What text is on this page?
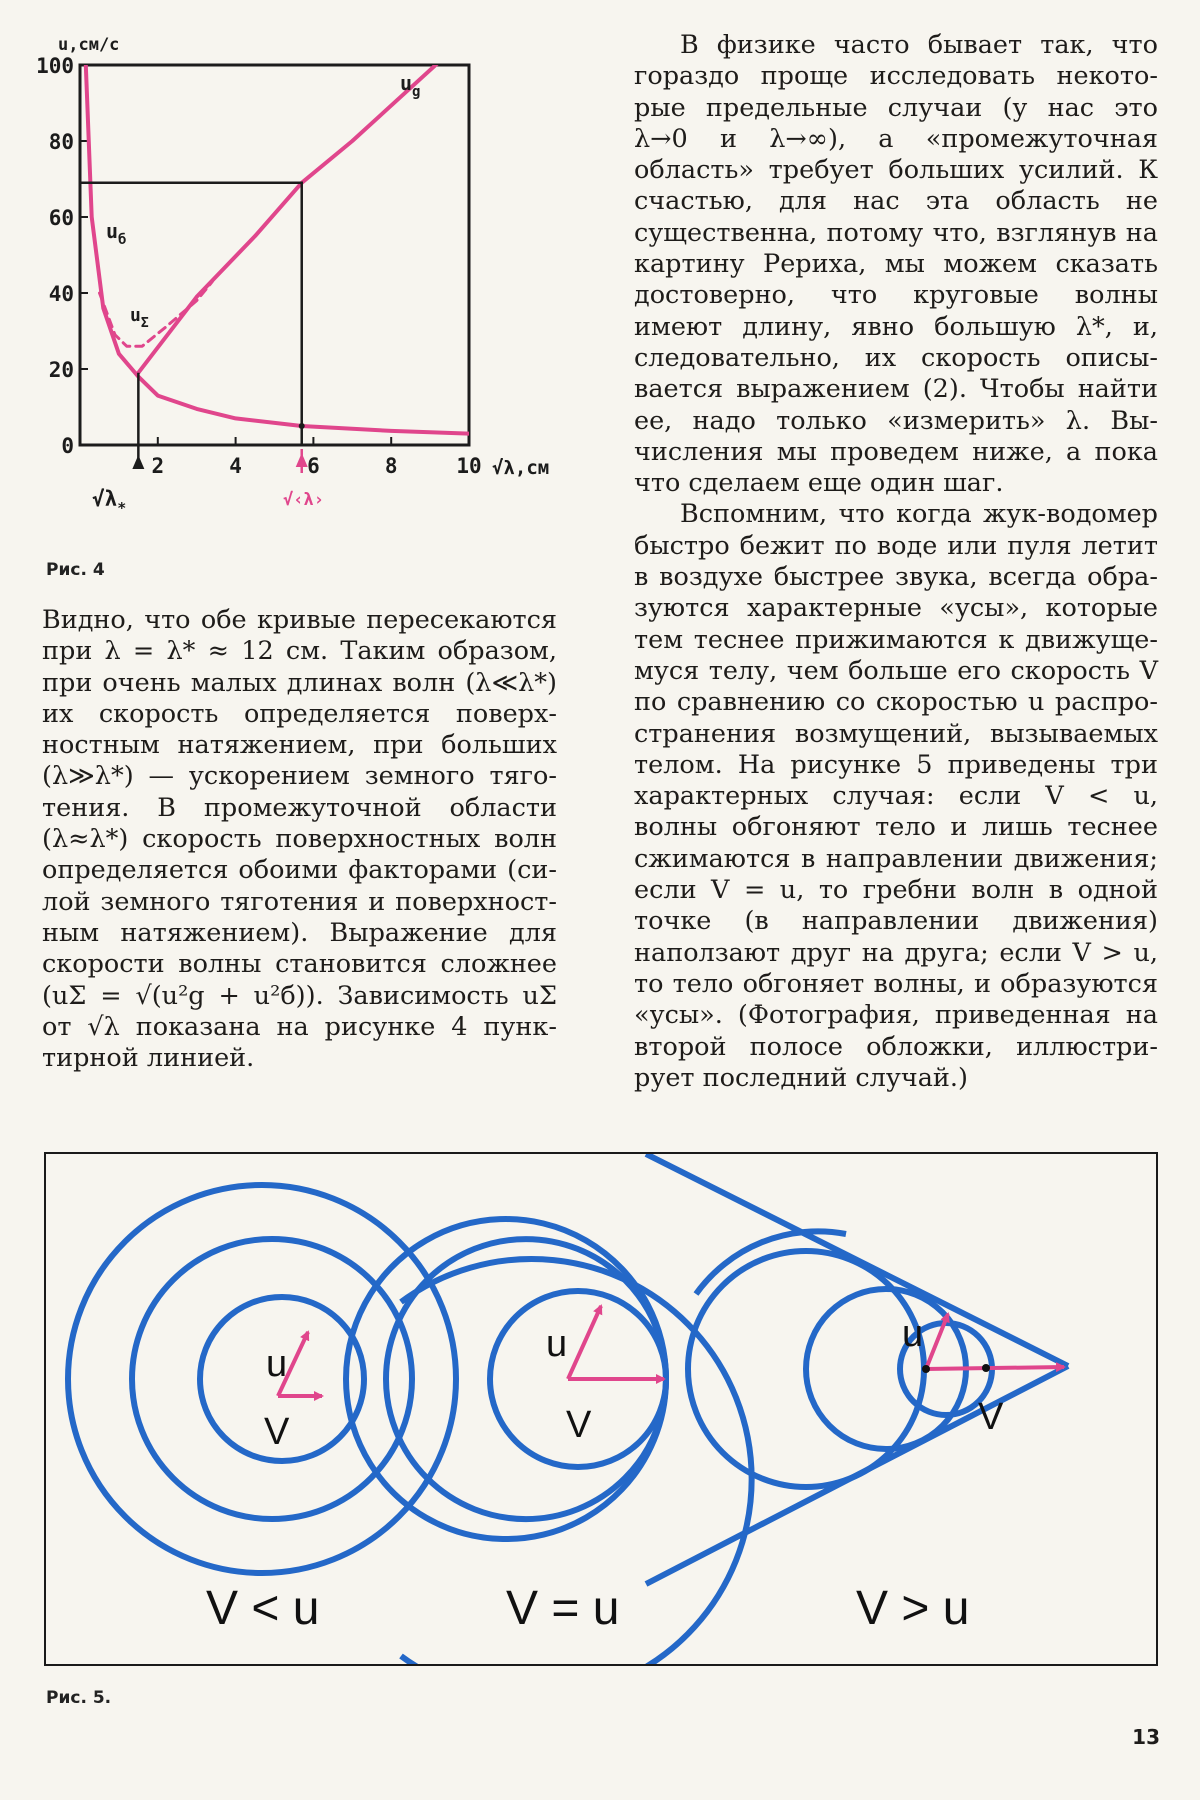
u,см/с
0
20
40
60
80
100
2	4	6	8	10 √λ,см
$u_g$
$u_б$
$u_\Sigma$
$√\lambda_*$	√‹λ›
Рис. 4

Видно, что обе кривые пересекаются при λ = λ* ≈ 12 см. Таким образом, при очень малых длинах волн (λ≪λ*) их скорость определяется поверхностным натяжением, при больших (λ≫λ*) — ускорением земного тяготения. В промежуточной области (λ≈λ*) скорость поверхностных волн определяется обоими факторами (силой земного тяготения и поверхностным натяжением). Выражение для скорости волны становится сложнее (uΣ = √(u²g + u²б)). Зависимость uΣ от √λ показана на рисунке 4 пунктирной линией.

В физике часто бывает так, что гораздо проще исследовать некоторые предельные случаи (у нас это λ→0 и λ→∞), а «промежуточная область» требует больших усилий. К счастью, для нас эта область не существенна, потому что, взглянув на картину Рериха, мы можем сказать достоверно, что круговые волны имеют длину, явно большую λ*, и, следовательно, их скорость описывается выражением (2). Чтобы найти ее, надо только «измерить» λ. Вычисления мы проведем ниже, а пока что сделаем еще один шаг.

Вспомним, что когда жук-водомер быстро бежит по воде или пуля летит в воздухе быстрее звука, всегда образуются характерные «усы», которые тем теснее прижимаются к движущемуся телу, чем больше его скорость V по сравнению со скоростью u распространения возмущений, вызываемых телом. На рисунке 5 приведены три характерных случая: если V < u, волны обгоняют тело и лишь теснее сжимаются в направлении движения; если V = u, то гребни волн в одной точке (в направлении движения) наползают друг на друга; если V > u, то тело обгоняет волны, и образуются «усы». (Фотография, приведенная на второй полосе обложки, иллюстрирует последний случай.)

u
V
V < u
u
V
V = u
u
V
V > u
Рис. 5.
13
